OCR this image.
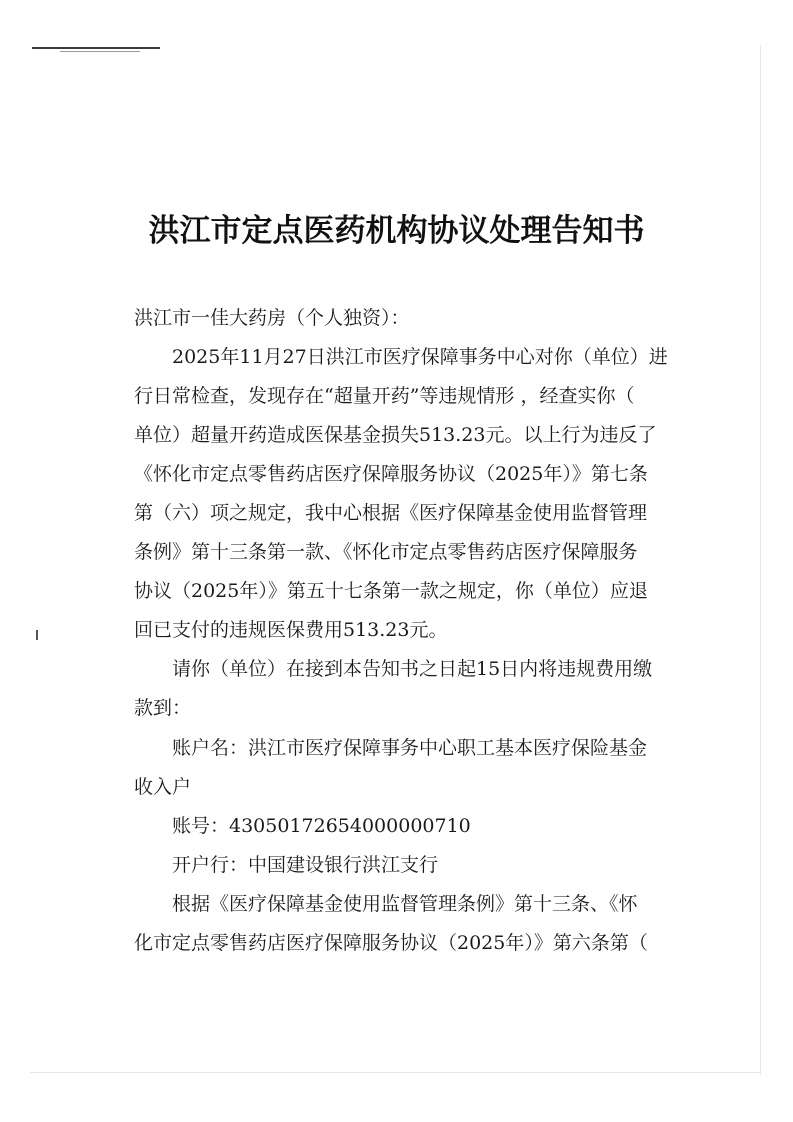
洪江市定点医药机构协议处理告知书
洪江市一佳大药房（个人独资）：
2025年11月27日洪江市医疗保障事务中心对你（单位）进
行日常检查，发现存在“超量开药”等违规情形 ，经查实你（
单位）超量开药造成医保基金损失513.23元。以上行为违反了
《怀化市定点零售药店医疗保障服务协议（2025年）》第七条
第（六）项之规定，我中心根据《医疗保障基金使用监督管理
条例》第十三条第一款、《怀化市定点零售药店医疗保障服务
协议（2025年）》第五十七条第一款之规定，你（单位）应退
回已支付的违规医保费用513.23元。
请你（单位）在接到本告知书之日起15日内将违规费用缴
款到：
账户名：洪江市医疗保障事务中心职工基本医疗保险基金
收入户
账号：43050172654000000710
开户行：中国建设银行洪江支行
根据《医疗保障基金使用监督管理条例》第十三条、《怀
化市定点零售药店医疗保障服务协议（2025年）》第六条第（
